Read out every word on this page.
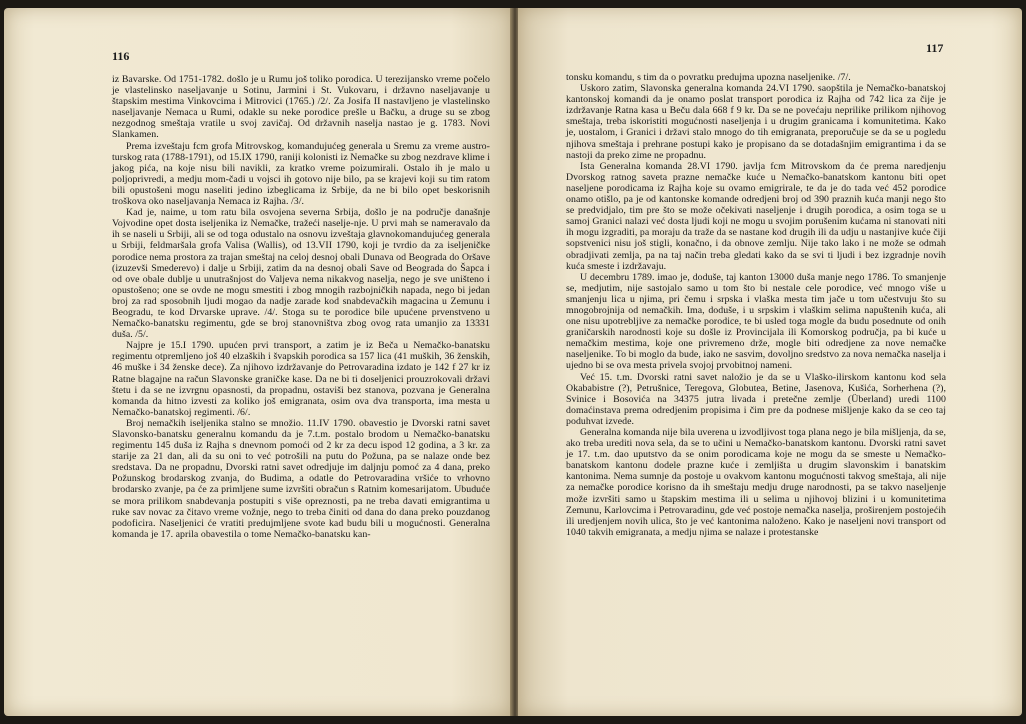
116

iz Bavarske. Od 1751-1782. došlo je u Rumu još toliko porodica. U terezijansko vreme počelo je vlastelinsko naseljavanje u Sotinu, Jarmini i St. Vukovaru, i državno naseljavanje u štapskim mestima Vinkovcima i Mitrovici (1765.) /2/. Za Josifa II nastavljeno je vlastelinsko naseljavanje Nemaca u Rumi, odakle su neke porodice prešle u Bačku, a druge su se zbog nezgodnog smeštaja vratile u svoj zavičaj. Od državnih naselja nastao je g. 1783. Novi Slankamen.

Prema izveštaju fcm grofa Mitrovskog, komandujućeg generala u Sremu za vreme austro-turskog rata (1788-1791), od 15.IX 1790, raniji kolonisti iz Nemačke su zbog nezdrave klime i jakog pića, na koje nisu bili navikli, za kratko vreme poizumirali. Ostalo ih je malo u poljoprivredi, a medju mom-čadi u vojsci ih gotovo nije bilo, pa se krajevi koji su tim ratom bili opustošeni mogu naseliti jedino izbeglicama iz Srbije, da ne bi bilo opet beskorisnih troškova oko naseljavanja Nemaca iz Rajha. /3/.

Kad je, naime, u tom ratu bila osvojena severna Srbija, došlo je na područje današnje Vojvodine opet dosta iseljenika iz Nemačke, tražeći naselje-nje. U prvi mah se nameravalo da ih se naseli u Srbiji, ali se od toga odustalo na osnovu izveštaja glavnokomandujućeg generala u Srbiji, feldmaršala grofa Valisa (Wallis), od 13.VII 1790, koji je tvrdio da za iseljeničke porodice nema prostora za trajan smeštaj na celoj desnoj obali Dunava od Beograda do Oršave (izuzevši Smederevo) i dalje u Srbiji, zatim da na desnoj obali Save od Beograda do Šapca i od ove obale dublje u unutrašnjost do Valjeva nema nikakvog naselja, nego je sve uništeno i opustošeno; one se ovde ne mogu smestiti i zbog mnogih razbojničkih napada, nego bi jedan broj za rad sposobnih ljudi mogao da nadje zarade kod snabdevačkih magacina u Zemunu i Beogradu, te kod Drvarske uprave. /4/. Stoga su te porodice bile upućene prvenstveno u Nemačko-banatsku regimentu, gde se broj stanovništva zbog ovog rata umanjio za 13331 duša. /5/.

Najpre je 15.I 1790. upućen prvi transport, a zatim je iz Beča u Nemačko-banatsku regimentu otpremljeno još 40 elzaških i švapskih porodica sa 157 lica (41 muških, 36 ženskih, 46 muške i 34 ženske dece). Za njihovo izdržavanje do Petrovaradina izdato je 142 f 27 kr iz Ratne blagajne na račun Slavonske graničke kase. Da ne bi ti doseljenici prouzrokovali državi štetu i da se ne izvrgnu opasnosti, da propadnu, ostaviši bez stanova, pozvana je Generalna komanda da hitno izvesti za koliko još emigranata, osim ova dva transporta, ima mesta u Nemačko-banatskoj regimenti. /6/.

Broj nemačkih iseljenika stalno se množio. 11.IV 1790. obavestio je Dvorski ratni savet Slavonsko-banatsku generalnu komandu da je 7.t.m. postalo brodom u Nemačko-banatsku regimentu 145 duša iz Rajha s dnevnom pomoći od 2 kr za decu ispod 12 godina, a 3 kr. za starije za 21 dan, ali da su oni to već potrošili na putu do Požuna, pa se nalaze onde bez sredstava. Da ne propadnu, Dvorski ratni savet odredjuje im daljnju pomoć za 4 dana, preko Požunskog brodarskog zvanja, do Budima, a odatle do Petrovaradina vršiće to vrhovno brodarsko zvanje, pa će za primljene sume izvršiti obračun s Ratnim komesarijatom. Ubuduće se mora prilikom snabdevanja postupiti s više opreznosti, pa ne treba davati emigrantima u ruke sav novac za čitavo vreme vožnje, nego to treba činiti od dana do dana preko pouzdanog podoficira. Naseljenici će vratiti predujmljene svote kad budu bili u mogućnosti. Generalna komanda je 17. aprila obavestila o tome Nemačko-banatsku kan-

117

tonsku komandu, s tim da o povratku predujma upozna naseljenike. /7/.

Uskoro zatim, Slavonska generalna komanda 24.VI 1790. saopštila je Nemačko-banatskoj kantonskoj komandi da je onamo poslat transport porodica iz Rajha od 742 lica za čije je izdržavanje Ratna kasa u Beču dala 668 f 9 kr. Da se ne povećaju neprilike prilikom njihovog smeštaja, treba iskoristiti mogućnosti naseljenja i u drugim granicama i komunitetima. Kako je, uostalom, i Granici i državi stalo mnogo do tih emigranata, preporučuje se da se u pogledu njihova smeštaja i prehrane postupi kako je propisano da se dotadašnjim emigrantima i da se nastoji da preko zime ne propadnu.

Ista Generalna komanda 28.VI 1790. javlja fcm Mitrovskom da će prema naredjenju Dvorskog ratnog saveta prazne nemačke kuće u Nemačko-banatskom kantonu biti opet naseljene porodicama iz Rajha koje su ovamo emigrirale, te da je do tada već 452 porodice onamo otišlo, pa je od kantonske komande odredjeni broj od 390 praznih kuća manji nego što se predvidjalo, tim pre što se može očekivati naseljenje i drugih porodica, a osim toga se u samoj Granici nalazi već dosta ljudi koji ne mogu u svojim porušenim kućama ni stanovati niti ih mogu izgraditi, pa moraju da traže da se nastane kod drugih ili da udju u nastanjive kuće čiji sopstvenici nisu još stigli, konačno, i da obnove zemlju. Nije tako lako i ne može se odmah obradjivati zemlja, pa na taj način treba gledati kako da se svi ti ljudi i bez izgradnje novih kuća smeste i izdržavaju.

U decembru 1789. imao je, doduše, taj kanton 13000 duša manje nego 1786. To smanjenje se, medjutim, nije sastojalo samo u tom što bi nestale cele porodice, već mnogo više u smanjenju lica u njima, pri čemu i srpska i vlaška mesta tim jače u tom učestvuju što su mnogobrojnija od nemačkih. Ima, doduše, i u srpskim i vlaškim selima napuštenih kuća, ali one nisu upotrebljive za nemačke porodice, te bi usled toga mogle da budu posednute od onih graničarskih narodnosti koje su došle iz Provincijala ili Komorskog područja, pa bi kuće u nemačkim mestima, koje one privremeno drže, mogle biti odredjene za nove nemačke naseljenike. To bi moglo da bude, iako ne sasvim, dovoljno sredstvo za nova nemačka naselja i ujedno bi se ova mesta privela svojoj prvobitnoj nameni.

Već 15. t.m. Dvorski ratni savet naložio je da se u Vlaško-ilirskom kantonu kod sela Okababistre (?), Petrušnice, Teregova, Globutea, Betine, Jasenova, Kušića, Sorherhena (?), Svinice i Bosovića na 34375 jutra livada i pretečne zemlje (Überland) uredi 1100 domaćinstava prema odredjenim propisima i čim pre da podnese mišljenje kako da se ceo taj poduhvat izvede.

Generalna komanda nije bila uverena u izvodljivost toga plana nego je bila mišljenja, da se, ako treba urediti nova sela, da se to učini u Nemačko-banatskom kantonu. Dvorski ratni savet je 17. t.m. dao uputstvo da se onim porodicama koje ne mogu da se smeste u Nemačko-banatskom kantonu dodele prazne kuće i zemljišta u drugim slavonskim i banatskim kantonima. Nema sumnje da postoje u ovakvom kantonu mogućnosti takvog smeštaja, ali nije za nemačke porodice korisno da ih smeštaju medju druge narodnosti, pa se takvo naseljenje može izvršiti samo u štapskim mestima ili u selima u njihovoj blizini i u komunitetima Zemunu, Karlovcima i Petrovaradinu, gde već postoje nemačka naselja, proširenjem postojećih ili uredjenjem novih ulica, što je već kantonima naloženo. Kako je naseljeni novi transport od 1040 takvih emigranata, a medju njima se nalaze i protestanske
